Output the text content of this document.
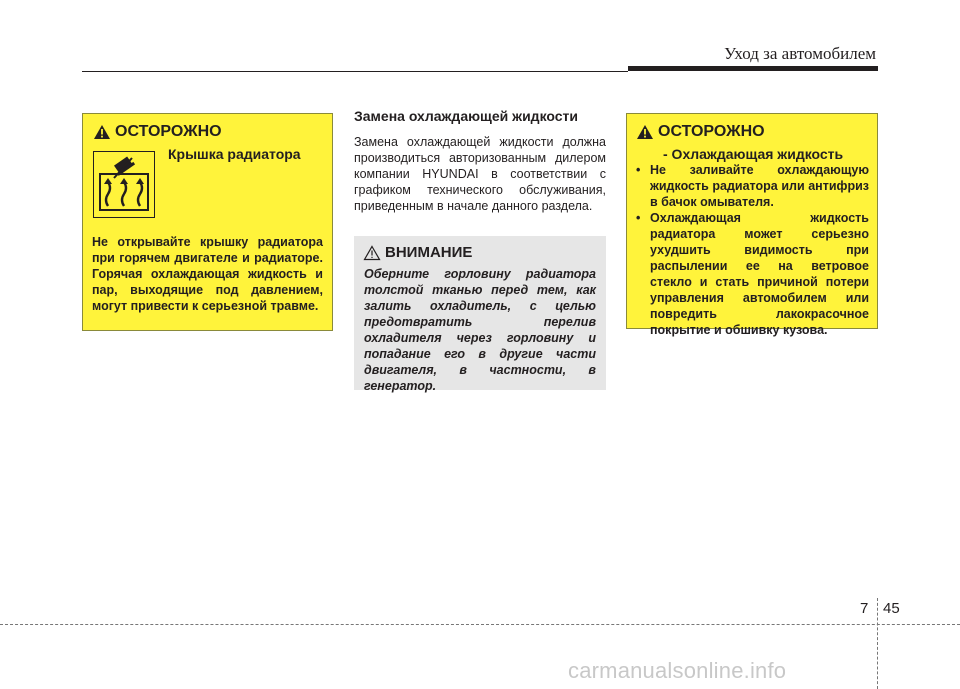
Уход за автомобилем
ОСТОРОЖНО
Крышка радиатора
Не открывайте крышку радиатора при горячем двигателе и радиаторе. Горячая охлаждающая жидкость и пар, выходящие под давлением, могут привести к серьезной травме.
Замена охлаждающей жидкости
Замена охлаждающей жидкости должна производиться авторизованным дилером компании HYUNDAI в соответствии с графиком технического обслуживания, приведенным в начале данного раздела.
ВНИМАНИЕ
Оберните горловину радиатора толстой тканью перед тем, как залить охладитель, с целью предотвратить перелив охладителя через горловину и попадание его в другие части двигателя, в частности, в генератор.
ОСТОРОЖНО
- Охлаждающая жидкость
• Не заливайте охлаждающую жидкость радиатора или антифриз в бачок омывателя.
• Охлаждающая жидкость радиатора может серьезно ухудшить видимость при распылении ее на ветровое стекло и стать причиной потери управления автомобилем или повредить лакокрасочное покрытие и обшивку кузова.
7 45
carmanualsonline.info
